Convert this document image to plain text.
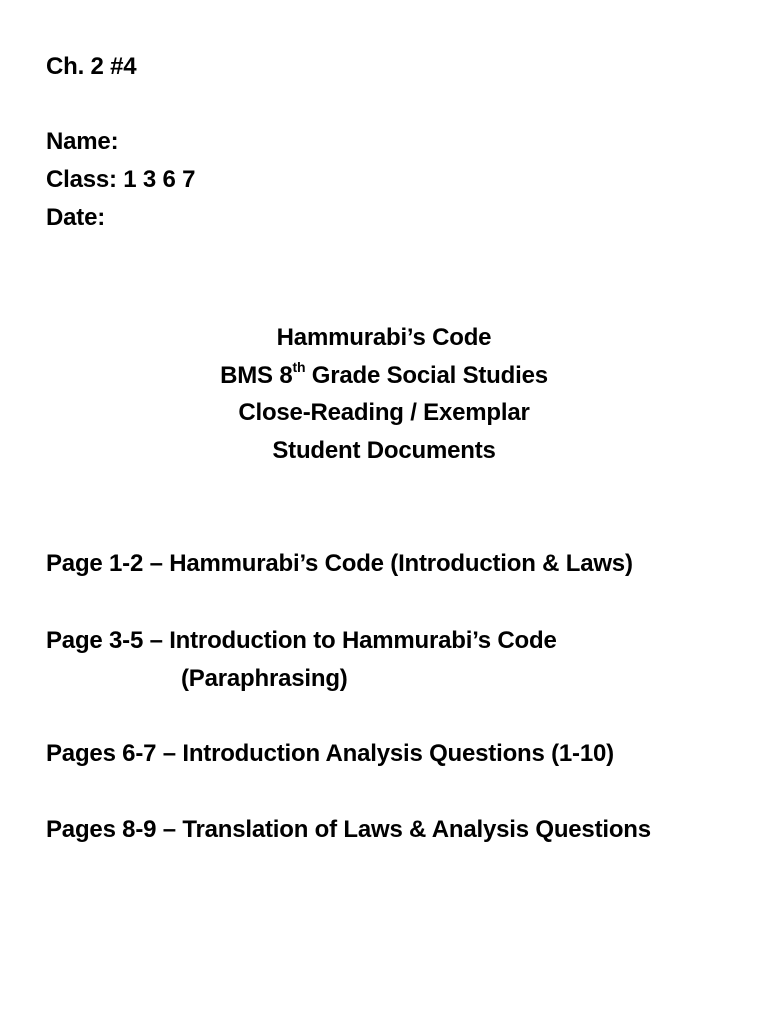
Ch. 2 #4
Name:
Class: 1 3 6 7
Date:
Hammurabi’s Code
BMS 8th Grade Social Studies
Close-Reading / Exemplar
Student Documents
Page 1-2 – Hammurabi’s Code (Introduction & Laws)
Page 3-5 – Introduction to Hammurabi’s Code
(Paraphrasing)
Pages 6-7 – Introduction Analysis Questions (1-10)
Pages 8-9 – Translation of Laws & Analysis Questions
